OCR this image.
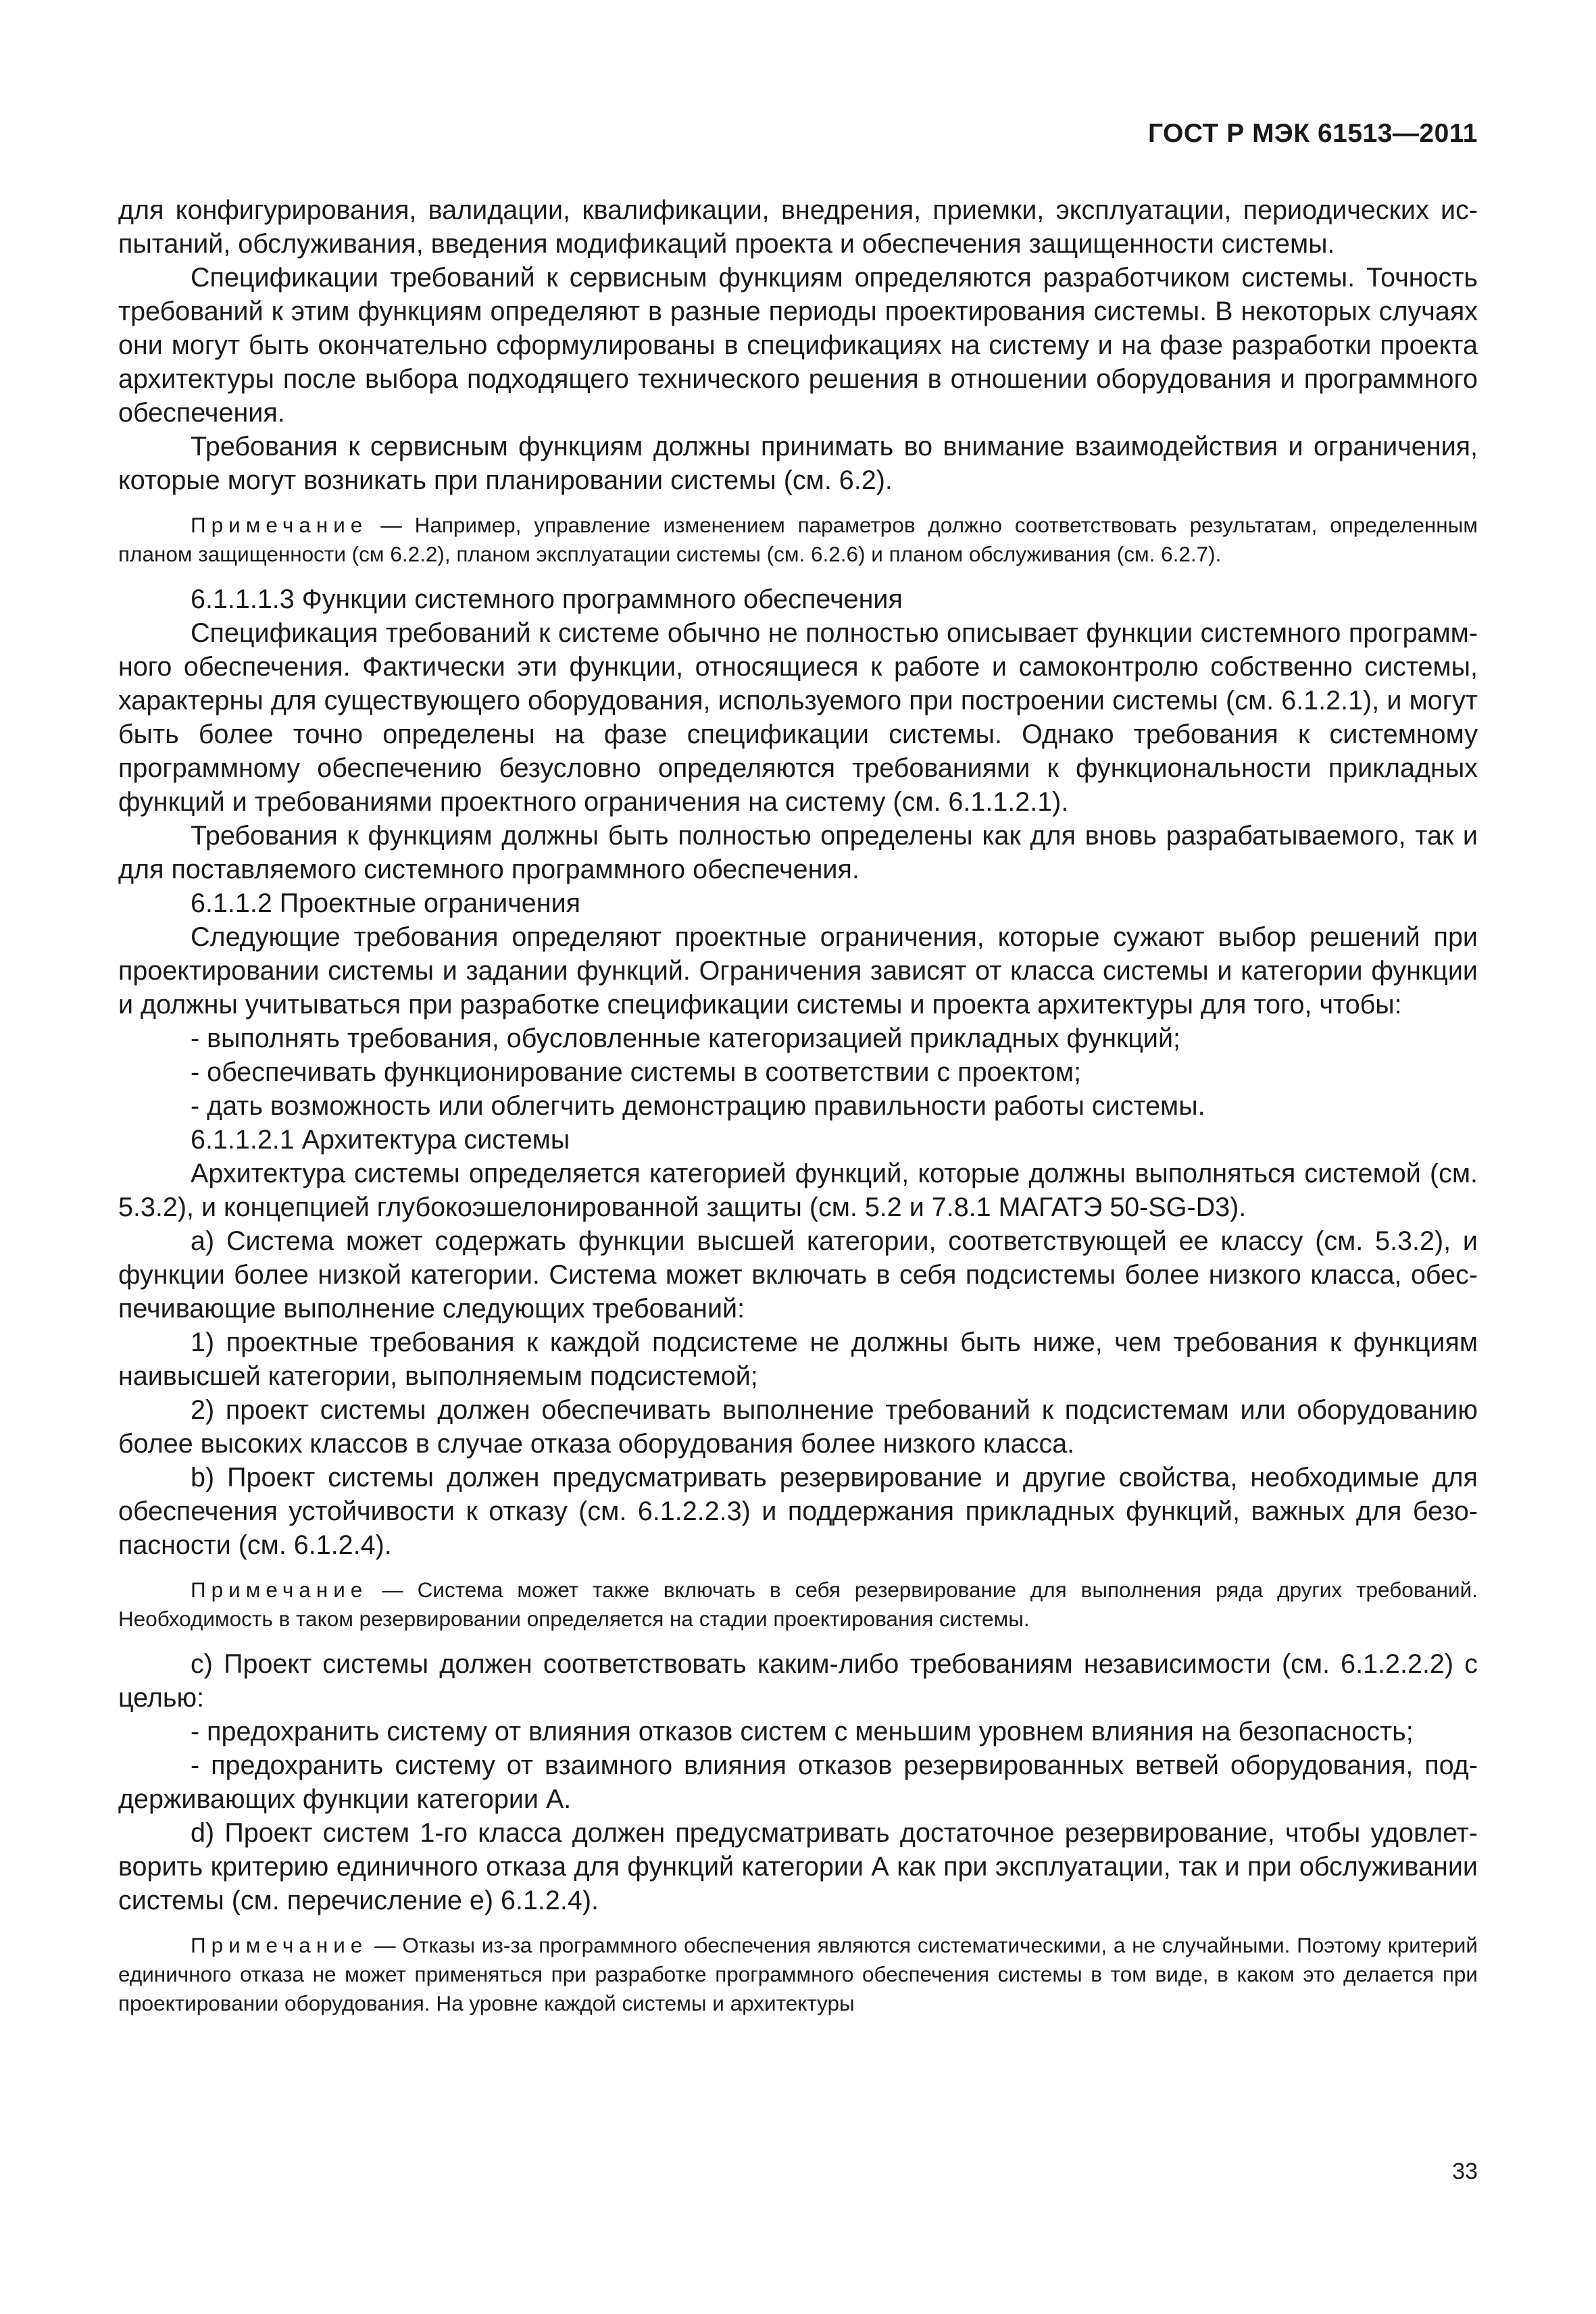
ГОСТ Р МЭК 61513—2011

для конфигурирования, валидации, квалификации, внедрения, приемки, эксплуатации, периодических испытаний, обслуживания, введения модификаций проекта и обеспечения защищенности системы.

Спецификации требований к сервисным функциям определяются разработчиком системы. Точность требований к этим функциям определяют в разные периоды проектирования системы. В некоторых случаях они могут быть окончательно сформулированы в спецификациях на систему и на фазе разработки проекта архитектуры после выбора подходящего технического решения в отношении оборудования и программного обеспечения.

Требования к сервисным функциям должны принимать во внимание взаимодействия и ограничения, которые могут возникать при планировании системы (см. 6.2).

Примечание — Например, управление изменением параметров должно соответствовать результатам, определенным планом защищенности (см 6.2.2), планом эксплуатации системы (см. 6.2.6) и планом обслуживания (см. 6.2.7).

6.1.1.1.3 Функции системного программного обеспечения

Спецификация требований к системе обычно не полностью описывает функции системного программного обеспечения. Фактически эти функции, относящиеся к работе и самоконтролю собственно системы, характерны для существующего оборудования, используемого при построении системы (см. 6.1.2.1), и могут быть более точно определены на фазе спецификации системы. Однако требования к системному программному обеспечению безусловно определяются требованиями к функциональности прикладных функций и требованиями проектного ограничения на систему (см. 6.1.1.2.1).

Требования к функциям должны быть полностью определены как для вновь разрабатываемого, так и для поставляемого системного программного обеспечения.

6.1.1.2 Проектные ограничения

Следующие требования определяют проектные ограничения, которые сужают выбор решений при проектировании системы и задании функций. Ограничения зависят от класса системы и категории функции и должны учитываться при разработке спецификации системы и проекта архитектуры для того, чтобы:

- выполнять требования, обусловленные категоризацией прикладных функций;

- обеспечивать функционирование системы в соответствии с проектом;

- дать возможность или облегчить демонстрацию правильности работы системы.

6.1.1.2.1 Архитектура системы

Архитектура системы определяется категорией функций, которые должны выполняться системой (см. 5.3.2), и концепцией глубокоэшелонированной защиты (см. 5.2 и 7.8.1 МАГАТЭ 50-SG-D3).

a) Система может содержать функции высшей категории, соответствующей ее классу (см. 5.3.2), и функции более низкой категории. Система может включать в себя подсистемы более низкого класса, обеспечивающие выполнение следующих требований:

1) проектные требования к каждой подсистеме не должны быть ниже, чем требования к функциям наивысшей категории, выполняемым подсистемой;

2) проект системы должен обеспечивать выполнение требований к подсистемам или оборудованию более высоких классов в случае отказа оборудования более низкого класса.

b) Проект системы должен предусматривать резервирование и другие свойства, необходимые для обеспечения устойчивости к отказу (см. 6.1.2.2.3) и поддержания прикладных функций, важных для безопасности (см. 6.1.2.4).

Примечание — Система может также включать в себя резервирование для выполнения ряда других требований. Необходимость в таком резервировании определяется на стадии проектирования системы.

c) Проект системы должен соответствовать каким-либо требованиям независимости (см. 6.1.2.2.2) с целью:

- предохранить систему от влияния отказов систем с меньшим уровнем влияния на безопасность;

- предохранить систему от взаимного влияния отказов резервированных ветвей оборудования, поддерживающих функции категории А.

d) Проект систем 1-го класса должен предусматривать достаточное резервирование, чтобы удовлетворить критерию единичного отказа для функций категории А как при эксплуатации, так и при обслуживании системы (см. перечисление е) 6.1.2.4).

Примечание — Отказы из-за программного обеспечения являются систематическими, а не случайными. Поэтому критерий единичного отказа не может применяться при разработке программного обеспечения системы в том виде, в каком это делается при проектировании оборудования. На уровне каждой системы и архитектуры

33
